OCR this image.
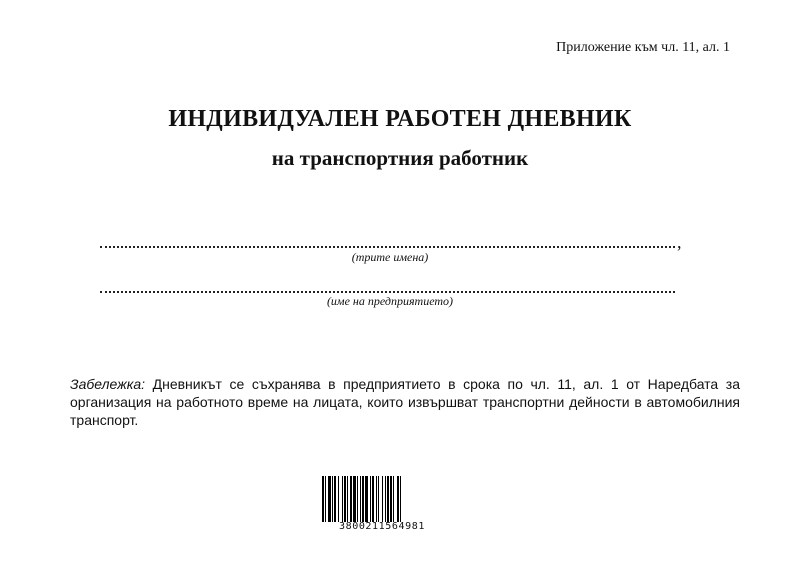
Приложение към чл. 11, ал. 1
ИНДИВИДУАЛЕН РАБОТЕН ДНЕВНИК
на транспортния работник
,
(трите имена)
(име на предприятието)
Забележка: Дневникът се съхранява в предприятието в срока по чл. 11, ал. 1 от Наредбата за организация на работното време на лицата, които извършват транспортни дейности в автомобилния транспорт.
3800211564981
